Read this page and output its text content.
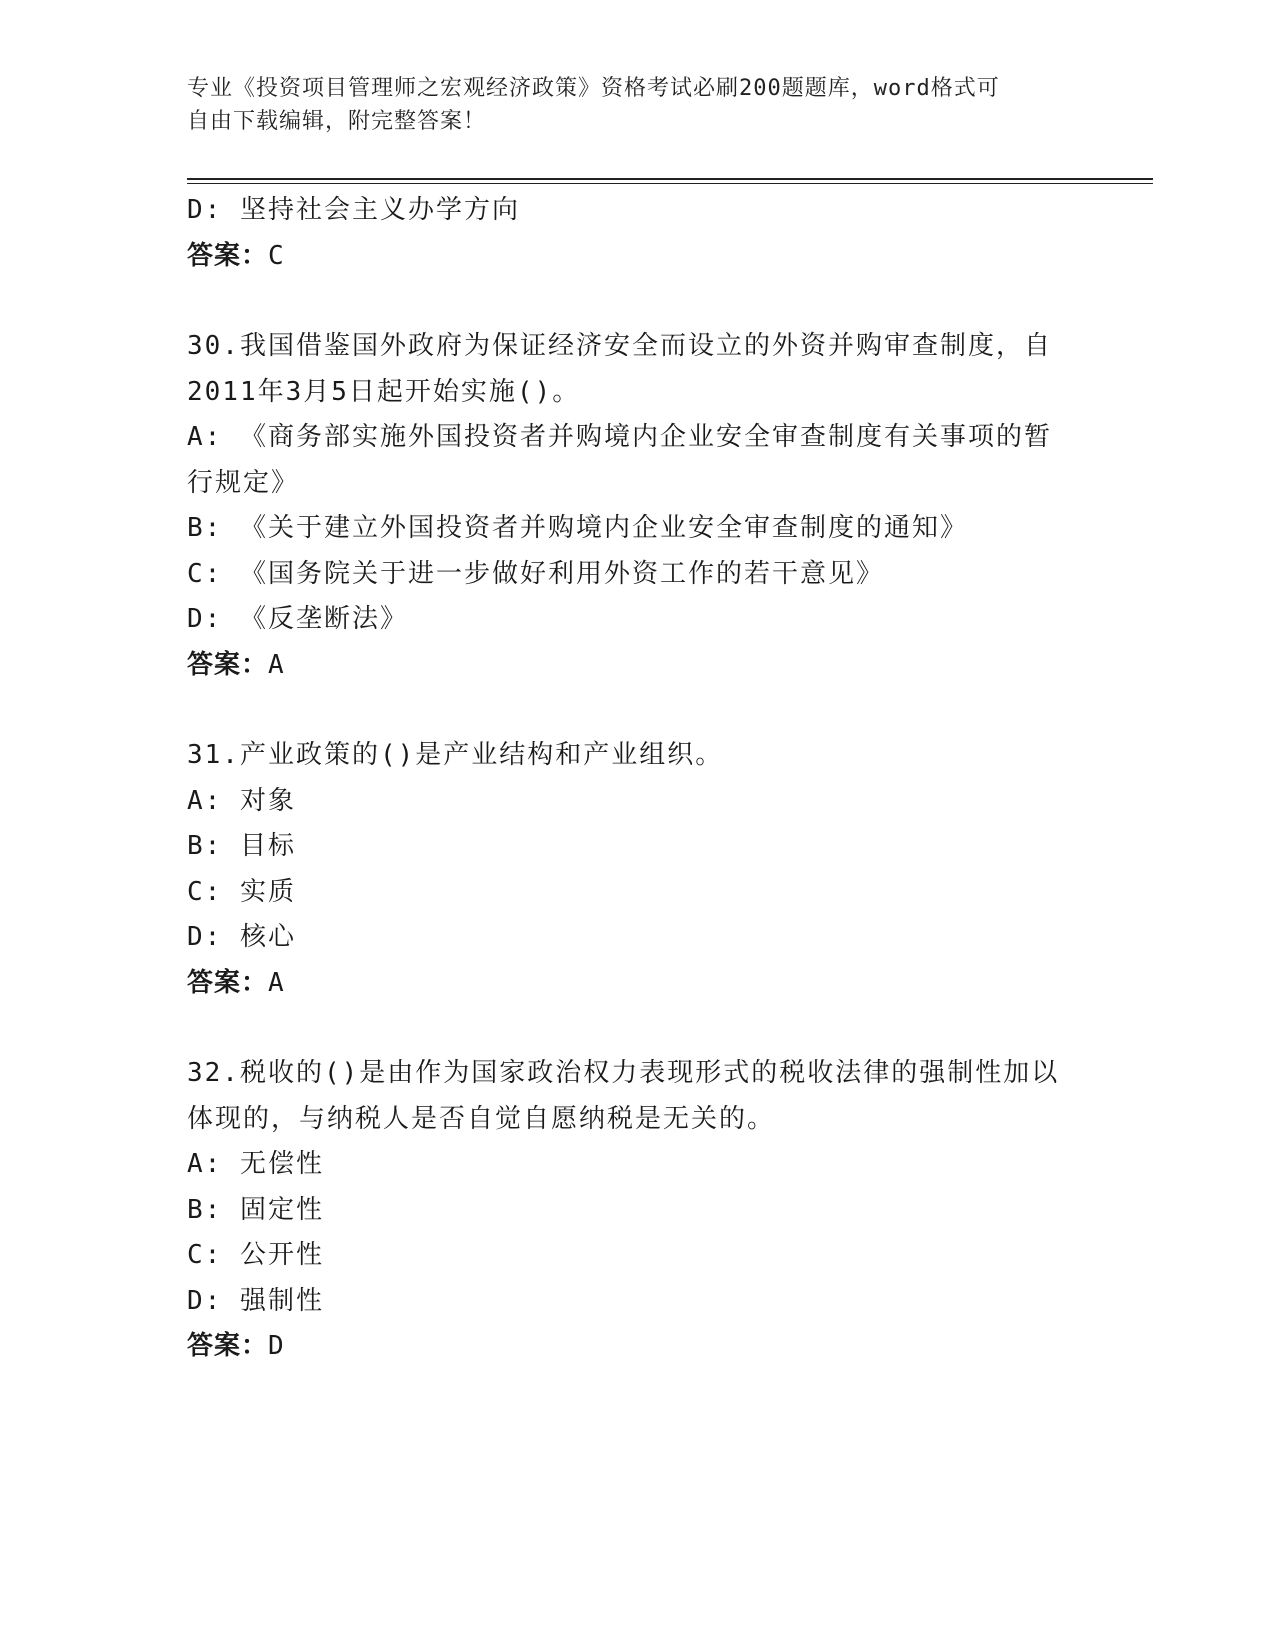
专业《投资项目管理师之宏观经济政策》资格考试必刷200题题库，word格式可
自由下载编辑，附完整答案！
D: 坚持社会主义办学方向
答案：C
30.我国借鉴国外政府为保证经济安全而设立的外资并购审查制度，自
2011年3月5日起开始实施()。
A: 《商务部实施外国投资者并购境内企业安全审查制度有关事项的暂
行规定》
B: 《关于建立外国投资者并购境内企业安全审查制度的通知》
C: 《国务院关于进一步做好利用外资工作的若干意见》
D: 《反垄断法》
答案：A
31.产业政策的()是产业结构和产业组织。
A: 对象
B: 目标
C: 实质
D: 核心
答案：A
32.税收的()是由作为国家政治权力表现形式的税收法律的强制性加以
体现的，与纳税人是否自觉自愿纳税是无关的。
A: 无偿性
B: 固定性
C: 公开性
D: 强制性
答案：D
